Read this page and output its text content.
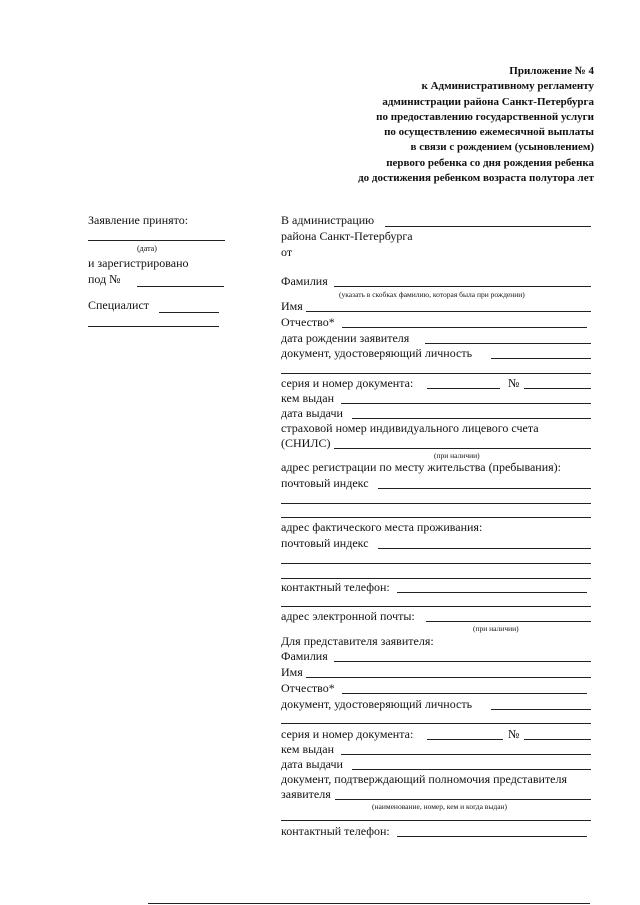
Приложение № 4
к Административному регламенту
администрации района Санкт-Петербурга
по предоставлению государственной услуги
по осуществлению ежемесячной выплаты
в связи с рождением (усыновлением)
первого ребенка со дня рождения ребенка
до достижения ребенком возраста полутора лет
Заявление принято:
(дата)
и зарегистрировано
под №
Специалист
В администрацию
района Санкт-Петербурга
от
Фамилия
(указать в скобках фамилию, которая была при рождении)
Имя
Отчество*
дата рождении заявителя
документ, удостоверяющий личность
серия и номер документа:	№
кем выдан
дата выдачи
страховой номер индивидуального лицевого счета
(СНИЛС)
(при наличии)
адрес регистрации по месту жительства (пребывания):
почтовый индекс
адрес фактического места проживания:
почтовый индекс
контактный телефон:
адрес электронной почты:
(при наличии)
Для представителя заявителя:
Фамилия
Имя
Отчество*
документ, удостоверяющий личность
серия и номер документа:	№
кем выдан
дата выдачи
документ, подтверждающий полномочия представителя
заявителя
(наименование, номер, кем и когда выдан)
контактный телефон:
